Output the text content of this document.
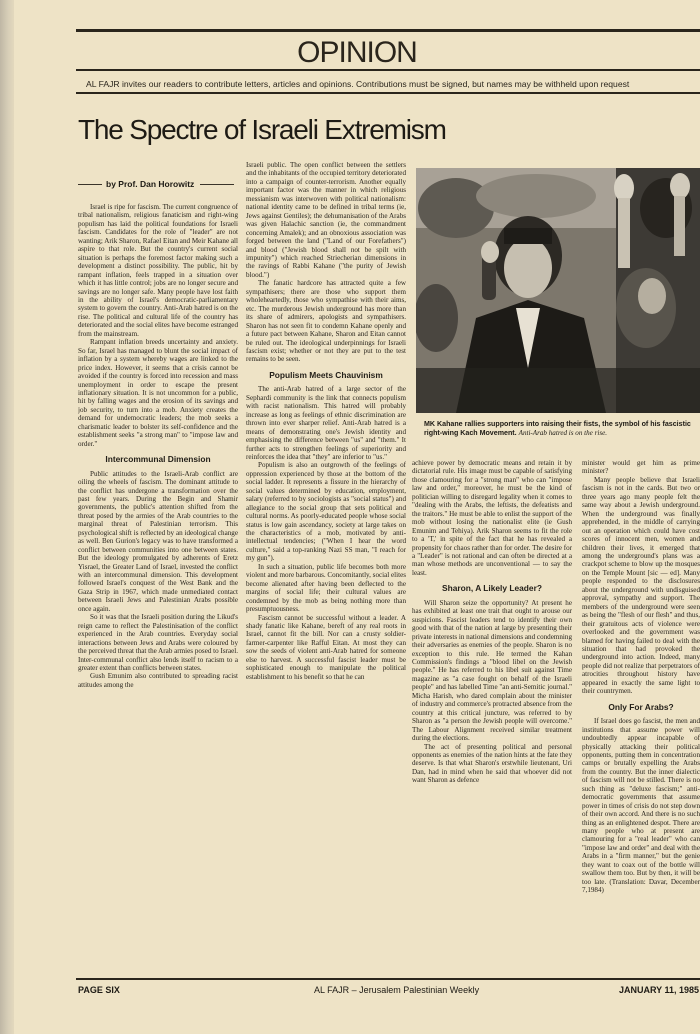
OPINION
AL FAJR invites our readers to contribute letters, articles and opinions. Contributions must be signed, but names may be withheld upon request
The Spectre of Israeli Extremism
by Prof. Dan Horowitz

Israel is ripe for fascism. The current congruence of tribal nationalism, religious fanaticism and right-wing populism has laid the political foundations for Israeli fascism. Candidates for the role of "leader" are not wanting; Arik Sharon, Rafael Eitan and Meir Kahane all aspire to that role. But the country's current social situation is perhaps the foremost factor making such a development a distinct possibility. The public, hit by rampant inflation, feels trapped in a situation over which it has little control; jobs are no longer secure and savings are no longer safe. Many people have lost faith in the ability of Israel's democratic-parliamentary system to govern the country. Anti-Arab hatred is on the rise. The political and cultural life of the country has deteriorated and the social elites have become estranged from the mainstream.

Rampant inflation breeds uncertainty and anxiety. So far, Israel has managed to blunt the social impact of inflation by a system whereby wages are linked to the price index. However, it seems that a crisis cannot be avoided if the country is forced into recession and mass unemployment in order to escape the present inflationary situation. It is not uncommon for a public, hit by falling wages and the erosion of its savings and job security, to turn into a mob. Anxiety creates the demand for undemocratic leaders; the mob seeks a charismatic leader to bolster its self-confidence and the establishment seeks "a strong man" to "impose law and order."

Intercommunal Dimension

Public attitudes to the Israeli-Arab conflict are oiling the wheels of fascism. The dominant attitude to the conflict has undergone a transformation over the past few years. During the Begin and Shamir governments, the public's attention shifted from the threat posed by the armies of the Arab countries to the marginal threat of Palestinian terrorism. This psychological shift is reflected by an ideological change as well. Ben Gurion's legacy was to have transformed a conflict between communities into one between states. But the ideology promulgated by adherents of Eretz Yisrael, the Greater Land of Israel, invested the conflict with an intercommunal dimension. This development followed Israel's conquest of the West Bank and the Gaza Strip in 1967, which made unmediated contact between Israeli Jews and Palestinian Arabs possible once again.

So it was that the Israeli position during the Likud's reign came to reflect the Palestinisation of the conflict experienced in the Arab countries. Everyday social interactions between Jews and Arabs were coloured by the perceived threat that the Arab armies posed to Israel. Inter-communal conflict also lends itself to racism to a greater extent than conflicts between states.

Gush Emunim also contributed to spreading racist attitudes among the

Israeli public. The open conflict between the settlers and the inhabitants of the occupied territory deteriorated into a campaign of counter-terrorism. Another equally important factor was the manner in which religious messianism was interwoven with political nationalism: national identity came to be defined in tribal terms (ie, Jews against Gentiles); the dehumanisation of the Arabs was given Halachic sanction (ie, the commandment concerning Amalek); and an obnoxious association was forged between the land ("Land of our Forefathers") and blood ("Jewish blood shall not be spilt with impunity") which reached Striecherian dimensions in the ravings of Rabbi Kahane ("the purity of Jewish blood.")

The fanatic hardcore has attracted quite a few sympathisers; there are those who support them wholeheartedly, those who sympathise with their aims, etc. The murderous Jewish underground has more than its share of admirers, apologists and sympathisers. Sharon has not seen fit to condemn Kahane openly and a future pact between Kahane, Sharon and Eitan cannot be ruled out. The ideological underpinnings for Israeli fascism exist; whether or not they are put to the test remains to be seen.

Populism Meets Chauvinism

The anti-Arab hatred of a large sector of the Sephardi community is the link that connects populism with racist nationalism. This hatred will probably increase as long as feelings of ethnic discrimination are thrown into ever sharper relief. Anti-Arab hatred is a means of demonstrating one's Jewish identity and emphasising the difference between "us" and "them." It further acts to strengthen feelings of superiority and reinforces the idea that "they" are inferior to "us."

Populism is also an outgrowth of the feelings of oppression experienced by those at the bottom of the social ladder. It represents a fissure in the hierarchy of social values determined by education, employment, salary (referred to by sociologists as "social status") and allegiance to the social group that sets political and cultural norms. As poorly-educated people whose social status is low gain ascendancy, society at large takes on the characteristics of a mob, motivated by anti-intellectual tendencies; ("When I hear the word culture," said a top-ranking Nazi SS man, "I reach for my gun").

In such a situation, public life becomes both more violent and more barbarous. Concomitantly, social elites become alienated after having been deflected to the margins of social life; their cultural values are condemned by the mob as being nothing more than presumptuousness.

Fascism cannot be successful without a leader. A shady fanatic like Kahane, bereft of any real roots in Israel, cannot fit the bill. Nor can a crusty soldier-farmer-carpenter like Rafful Eitan. At most they can sow the seeds of violent anti-Arab hatred for someone else to harvest. A successful fascist leader must be sophisticated enough to manipulate the political establishment to his benefit so that he can

MK Kahane rallies supporters into raising their fists, the symbol of his fascistic right-wing Kach Movement. Anti-Arab hatred is on the rise.

achieve power by democratic means and retain it by dictatorial rule. His image must be capable of satisfying those clamouring for a "strong man" who can "impose law and order," moreover, he must be the kind of politician willing to disregard legality when it comes to "dealing with the Arabs, the leftists, the defeatists and the traitors." He must be able to enlist the support of the mob without losing the nationalist elite (ie Gush Emunim and Tehiya). Arik Sharon seems to fit the role to a 'T,' in spite of the fact that he has revealed a propensity for chaos rather than for order. The desire for a "Leader" is not rational and can often be directed at a man whose methods are unconventional — to say the least.

Sharon, A Likely Leader?

Will Sharon seize the opportunity? At present he has exhibited at least one trait that ought to arouse our suspicions. Fascist leaders tend to identify their own good with that of the nation at large by presenting their private interests in national dimensions and condemning their adversaries as enemies of the people. Sharon is no exception to this rule. He termed the Kahan Commission's findings a "blood libel on the Jewish people." He has referred to his libel suit against Time magazine as "a case fought on behalf of the Israeli people" and has labelled Time "an anti-Semitic journal." Micha Harish, who dared complain about the minister of industry and commerce's protracted absence from the country at this critical juncture, was referred to by Sharon as "a person the Jewish people will overcome." The Labour Alignment received similar treatment during the elections.

The act of presenting political and personal opponents as enemies of the nation hints at the fate they deserve. Is that what Sharon's erstwhile lieutenant, Uri Dan, had in mind when he said that whoever did not want Sharon as defence

minister would get him as prime minister?

Many people believe that Israeli fascism is not in the cards. But two or three years ago many people felt the same way about a Jewish underground. When the underground was finally apprehended, in the middle of carrying out an operation which could have cost scores of innocent men, women and children their lives, it emerged that among the underground's plans was a crackpot scheme to blow up the mosques on the Temple Mount [sic — ed]. Many people responded to the disclosures about the underground with undisguised approval, sympathy and support. The members of the underground were seen as being the "flesh of our flesh" and thus, their gratuitous acts of violence were overlooked and the government was blamed for having failed to deal with the situation that had provoked the underground into action. Indeed, many people did not realize that perpetrators of atrocities throughout history have appeared in exactly the same light to their countrymen.

Only For Arabs?

If Israel does go fascist, the men and institutions that assume power will undoubtedly appear incapable of physically attacking their political opponents, putting them in concentration camps or brutally expelling the Arabs from the country. But the inner dialectic of fascism will not be stilled. There is no such thing as "deluxe fascism;" anti-democratic governments that assume power in times of crisis do not step down of their own accord. And there is no such thing as an enlightened despot. There are many people who at present are clamouring for a "real leader" who can "impose law and order" and deal with the Arabs in a "firm manner," but the genie they want to coax out of the bottle will swallow them too. But by then, it will be too late. (Translation: Davar, December 7,1984)

PAGE SIX	AL FAJR – Jerusalem Palestinian Weekly	JANUARY 11, 1985
